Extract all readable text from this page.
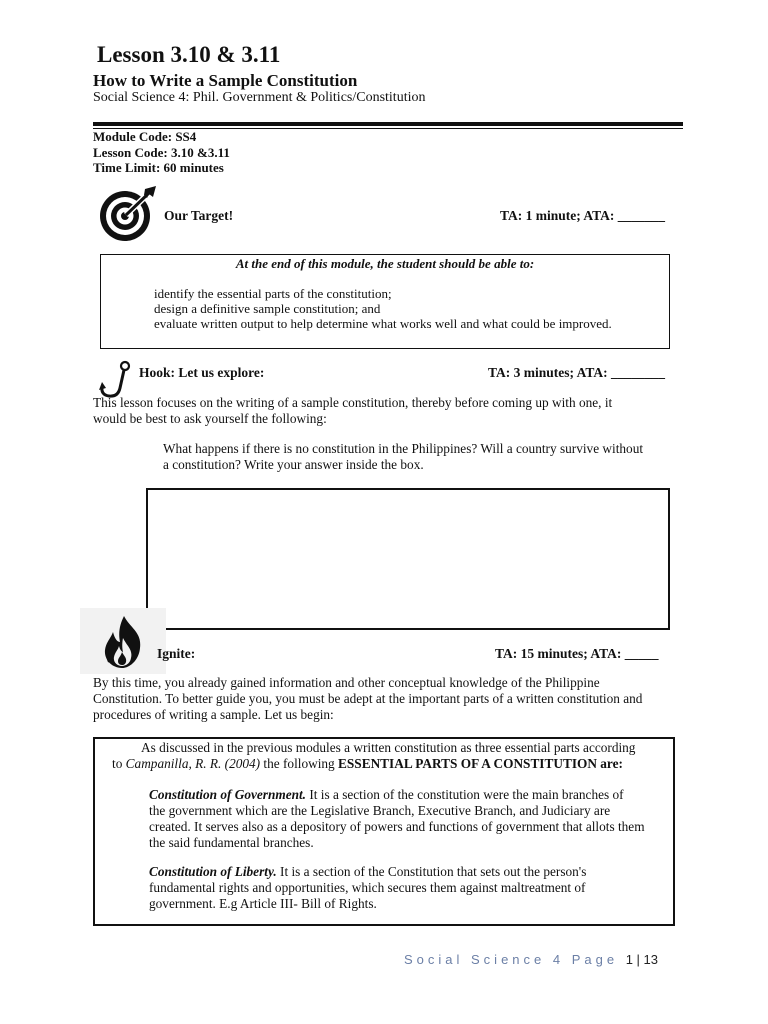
Lesson 3.10 & 3.11
How to Write a Sample Constitution
Social Science 4: Phil. Government & Politics/Constitution
Module Code: SS4
Lesson Code: 3.10 &3.11
Time Limit: 60 minutes
Our Target!	TA: 1 minute; ATA: _______
At the end of this module, the student should be able to:
identify the essential parts of the constitution;
design a definitive sample constitution; and
evaluate written output to help determine what works well and what could be improved.
Hook: Let us explore:	TA: 3 minutes; ATA: ________
This lesson focuses on the writing of a sample constitution, thereby before coming up with one, it
would be best to ask yourself the following:
What happens if there is no constitution in the Philippines? Will a country survive without
a constitution? Write your answer inside the box.
Ignite:	TA: 15 minutes; ATA: _____
By this time, you already gained information and other conceptual knowledge of the Philippine
Constitution. To better guide you, you must be adept at the important parts of a written constitution and
procedures of writing a sample. Let us begin:
As discussed in the previous modules a written constitution as three essential parts according
to Campanilla, R. R. (2004) the following ESSENTIAL PARTS OF A CONSTITUTION are:
Constitution of Government. It is a section of the constitution were the main branches of
the government which are the Legislative Branch, Executive Branch, and Judiciary are
created. It serves also as a depository of powers and functions of government that allots them
the said fundamental branches.
Constitution of Liberty. It is a section of the Constitution that sets out the person's
fundamental rights and opportunities, which secures them against maltreatment of
government. E.g Article III- Bill of Rights.
Social Science 4 Page 1 | 13
